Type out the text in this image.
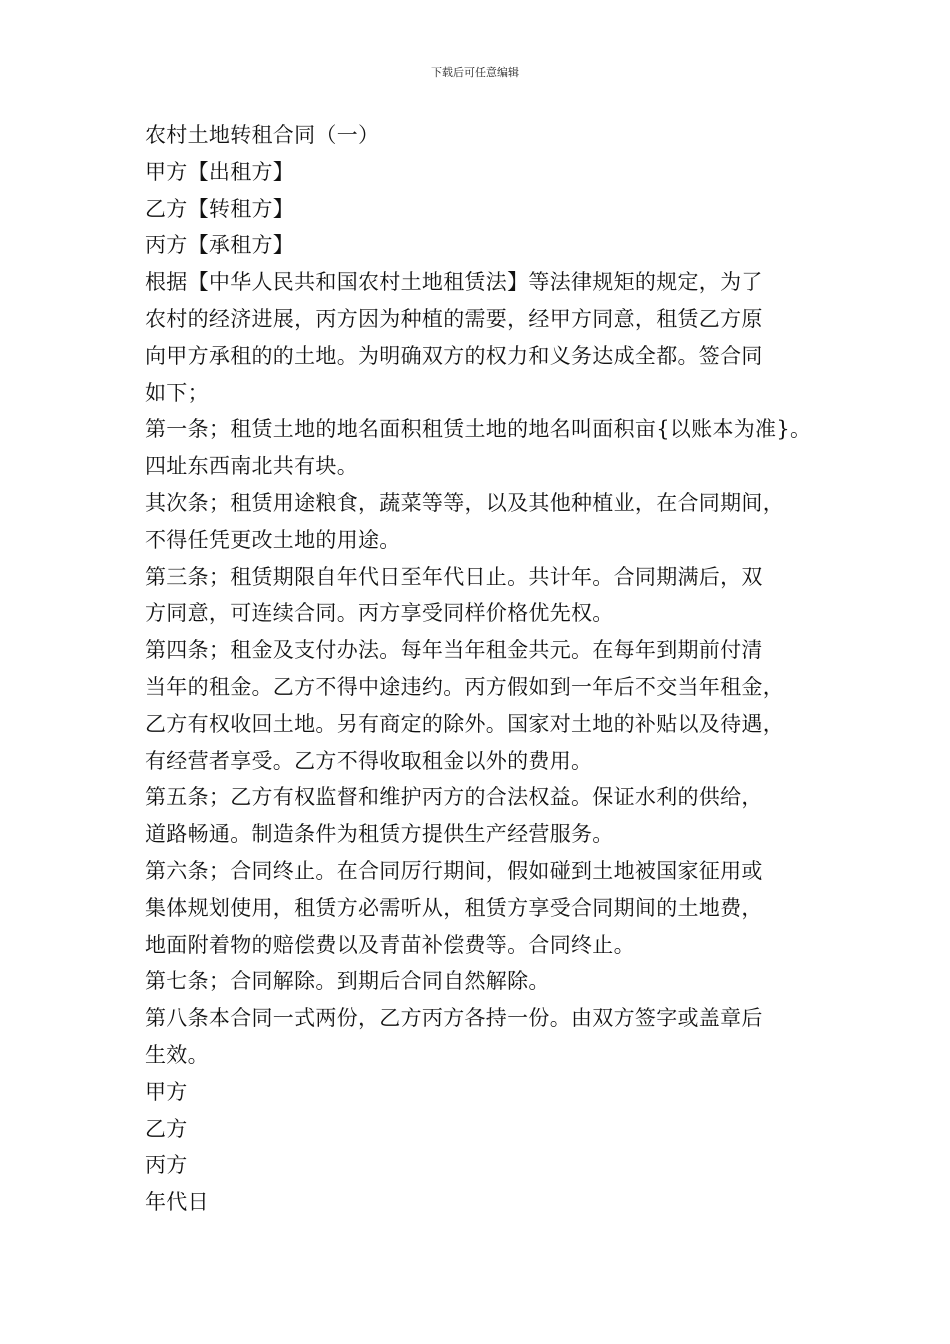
下载后可任意编辑
农村土地转租合同（一）
甲方【出租方】
乙方【转租方】
丙方【承租方】
根据【中华人民共和国农村土地租赁法】等法律规矩的规定，为了
农村的经济进展，丙方因为种植的需要，经甲方同意，租赁乙方原
向甲方承租的的土地。为明确双方的权力和义务达成全都。签合同
如下；
第一条；租赁土地的地名面积租赁土地的地名叫面积亩{以账本为准}。
四址东西南北共有块。
其次条；租赁用途粮食，蔬菜等等，以及其他种植业，在合同期间，
不得任凭更改土地的用途。
第三条；租赁期限自年代日至年代日止。共计年。合同期满后，双
方同意，可连续合同。丙方享受同样价格优先权。
第四条；租金及支付办法。每年当年租金共元。在每年到期前付清
当年的租金。乙方不得中途违约。丙方假如到一年后不交当年租金，
乙方有权收回土地。另有商定的除外。国家对土地的补贴以及待遇，
有经营者享受。乙方不得收取租金以外的费用。
第五条；乙方有权监督和维护丙方的合法权益。保证水利的供给，
道路畅通。制造条件为租赁方提供生产经营服务。
第六条；合同终止。在合同厉行期间，假如碰到土地被国家征用或
集体规划使用，租赁方必需听从，租赁方享受合同期间的土地费，
地面附着物的赔偿费以及青苗补偿费等。合同终止。
第七条；合同解除。到期后合同自然解除。
第八条本合同一式两份，乙方丙方各持一份。由双方签字或盖章后
生效。
甲方
乙方
丙方
年代日
